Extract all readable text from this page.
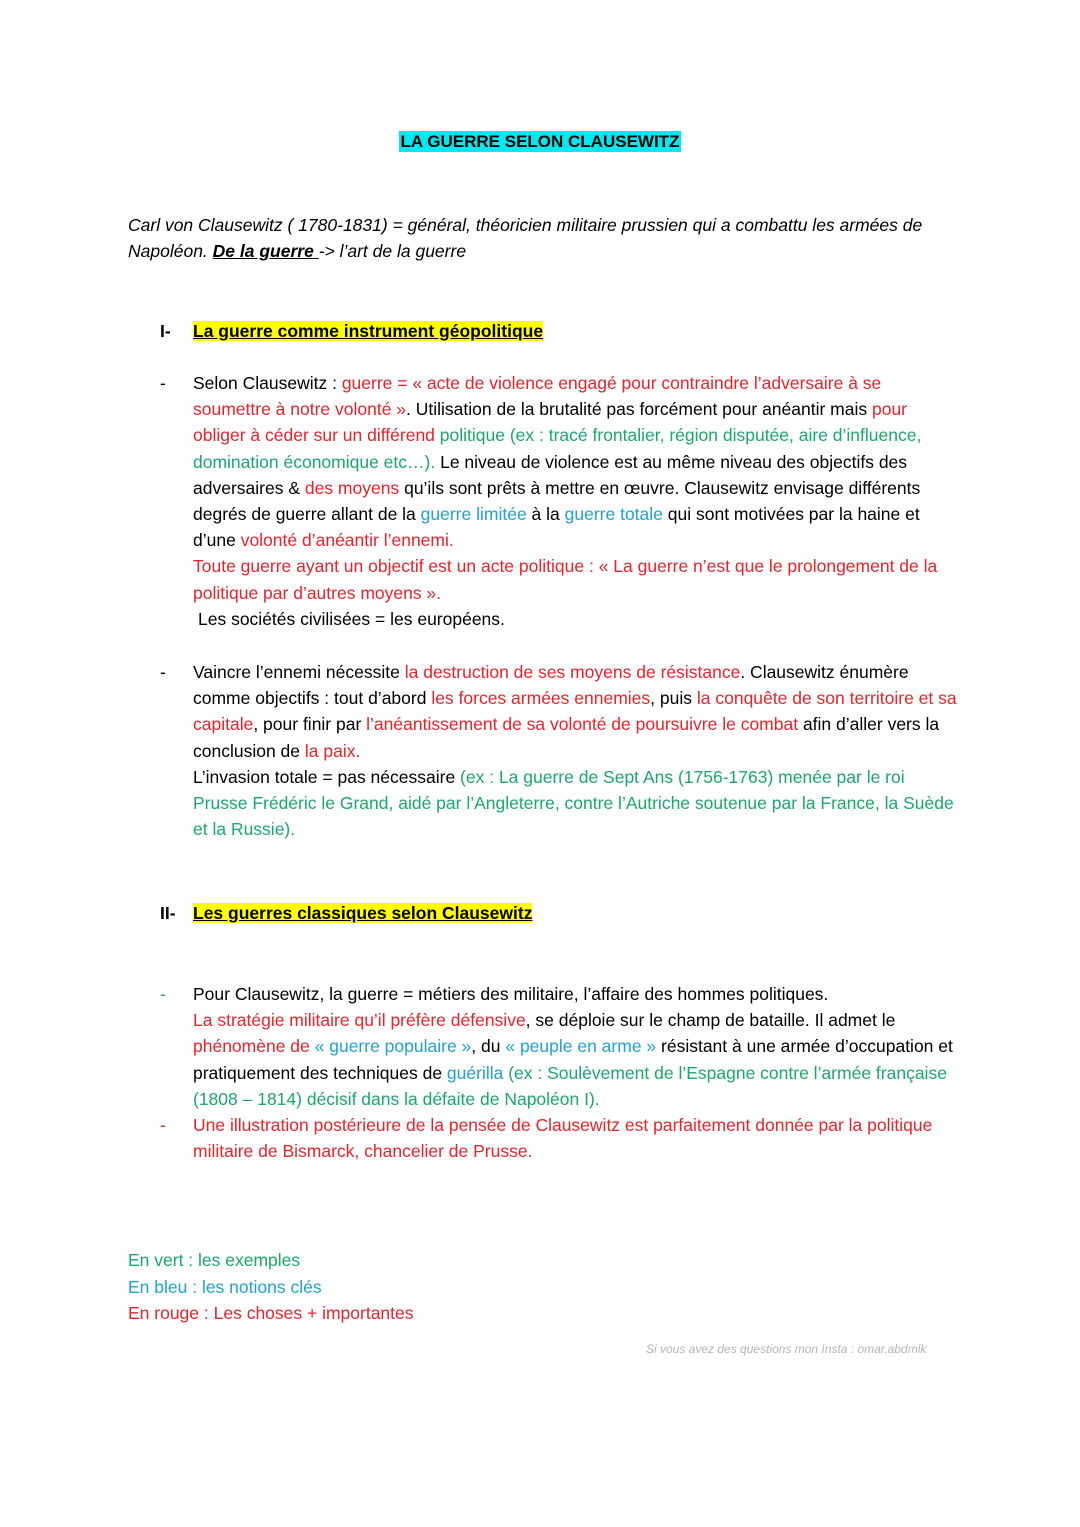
LA GUERRE SELON CLAUSEWITZ
Carl von Clausewitz ( 1780-1831) = général, théoricien militaire prussien qui a combattu les armées de Napoléon. De la guerre -> l’art de la guerre
I- La guerre comme instrument géopolitique
- Selon Clausewitz : guerre = « acte de violence engagé pour contraindre l’adversaire à se soumettre à notre volonté ». Utilisation de la brutalité pas forcément pour anéantir mais pour obliger à céder sur un différend politique (ex : tracé frontalier, région disputée, aire d’influence, domination économique etc…). Le niveau de violence est au même niveau des objectifs des adversaires & des moyens qu’ils sont prêts à mettre en œuvre. Clausewitz envisage différents degrés de guerre allant de la guerre limitée à la guerre totale qui sont motivées par la haine et d’une volonté d’anéantir l’ennemi.
Toute guerre ayant un objectif est un acte politique : « La guerre n’est que le prolongement de la politique par d’autres moyens ».
Les sociétés civilisées = les européens.
- Vaincre l’ennemi nécessite la destruction de ses moyens de résistance. Clausewitz énumère comme objectifs : tout d’abord les forces armées ennemies, puis la conquête de son territoire et sa capitale, pour finir par l’anéantissement de sa volonté de poursuivre le combat afin d’aller vers la conclusion de la paix.
L’invasion totale = pas nécessaire (ex : La guerre de Sept Ans (1756-1763) menée par le roi Prusse Frédéric le Grand, aidé par l’Angleterre, contre l’Autriche soutenue par la France, la Suède et la Russie).
II- Les guerres classiques selon Clausewitz
- Pour Clausewitz, la guerre = métiers des militaire, l’affaire des hommes politiques.
La stratégie militaire qu’il préfère défensive, se déploie sur le champ de bataille. Il admet le phénomène de « guerre populaire », du « peuple en arme » résistant à une armée d’occupation et pratiquement des techniques de guérilla (ex : Soulèvement de l’Espagne contre l’armée française (1808 – 1814) décisif dans la défaite de Napoléon I).
- Une illustration postérieure de la pensée de Clausewitz est parfaitement donnée par la politique militaire de Bismarck, chancelier de Prusse.
En vert : les exemples
En bleu : les notions clés
En rouge : Les choses + importantes
Si vous avez des questions mon Insta : omar.abdmlk
